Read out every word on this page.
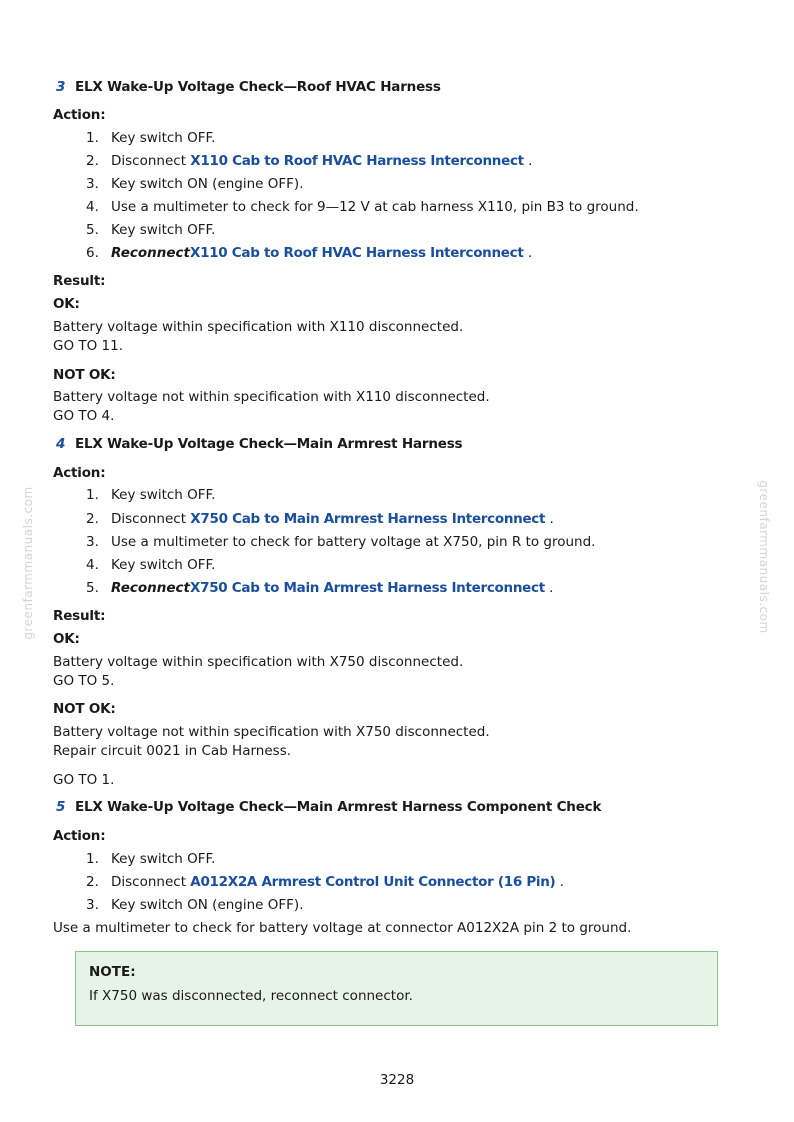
greenfarmmanuals.com	greenfarmmanuals.com
3 ELX Wake-Up Voltage Check—Roof HVAC Harness
Action:
1. Key switch OFF.
2. Disconnect X110 Cab to Roof HVAC Harness Interconnect .
3. Key switch ON (engine OFF).
4. Use a multimeter to check for 9—12 V at cab harness X110, pin B3 to ground.
5. Key switch OFF.
6. ReconnectX110 Cab to Roof HVAC Harness Interconnect .
Result:
OK:
Battery voltage within specification with X110 disconnected.
GO TO 11.
NOT OK:
Battery voltage not within specification with X110 disconnected.
GO TO 4.
4 ELX Wake-Up Voltage Check—Main Armrest Harness
Action:
1. Key switch OFF.
2. Disconnect X750 Cab to Main Armrest Harness Interconnect .
3. Use a multimeter to check for battery voltage at X750, pin R to ground.
4. Key switch OFF.
5. ReconnectX750 Cab to Main Armrest Harness Interconnect .
Result:
OK:
Battery voltage within specification with X750 disconnected.
GO TO 5.
NOT OK:
Battery voltage not within specification with X750 disconnected.
Repair circuit 0021 in Cab Harness.
GO TO 1.
5 ELX Wake-Up Voltage Check—Main Armrest Harness Component Check
Action:
1. Key switch OFF.
2. Disconnect A012X2A Armrest Control Unit Connector (16 Pin) .
3. Key switch ON (engine OFF).
Use a multimeter to check for battery voltage at connector A012X2A pin 2 to ground.
NOTE:
If X750 was disconnected, reconnect connector.
3228
